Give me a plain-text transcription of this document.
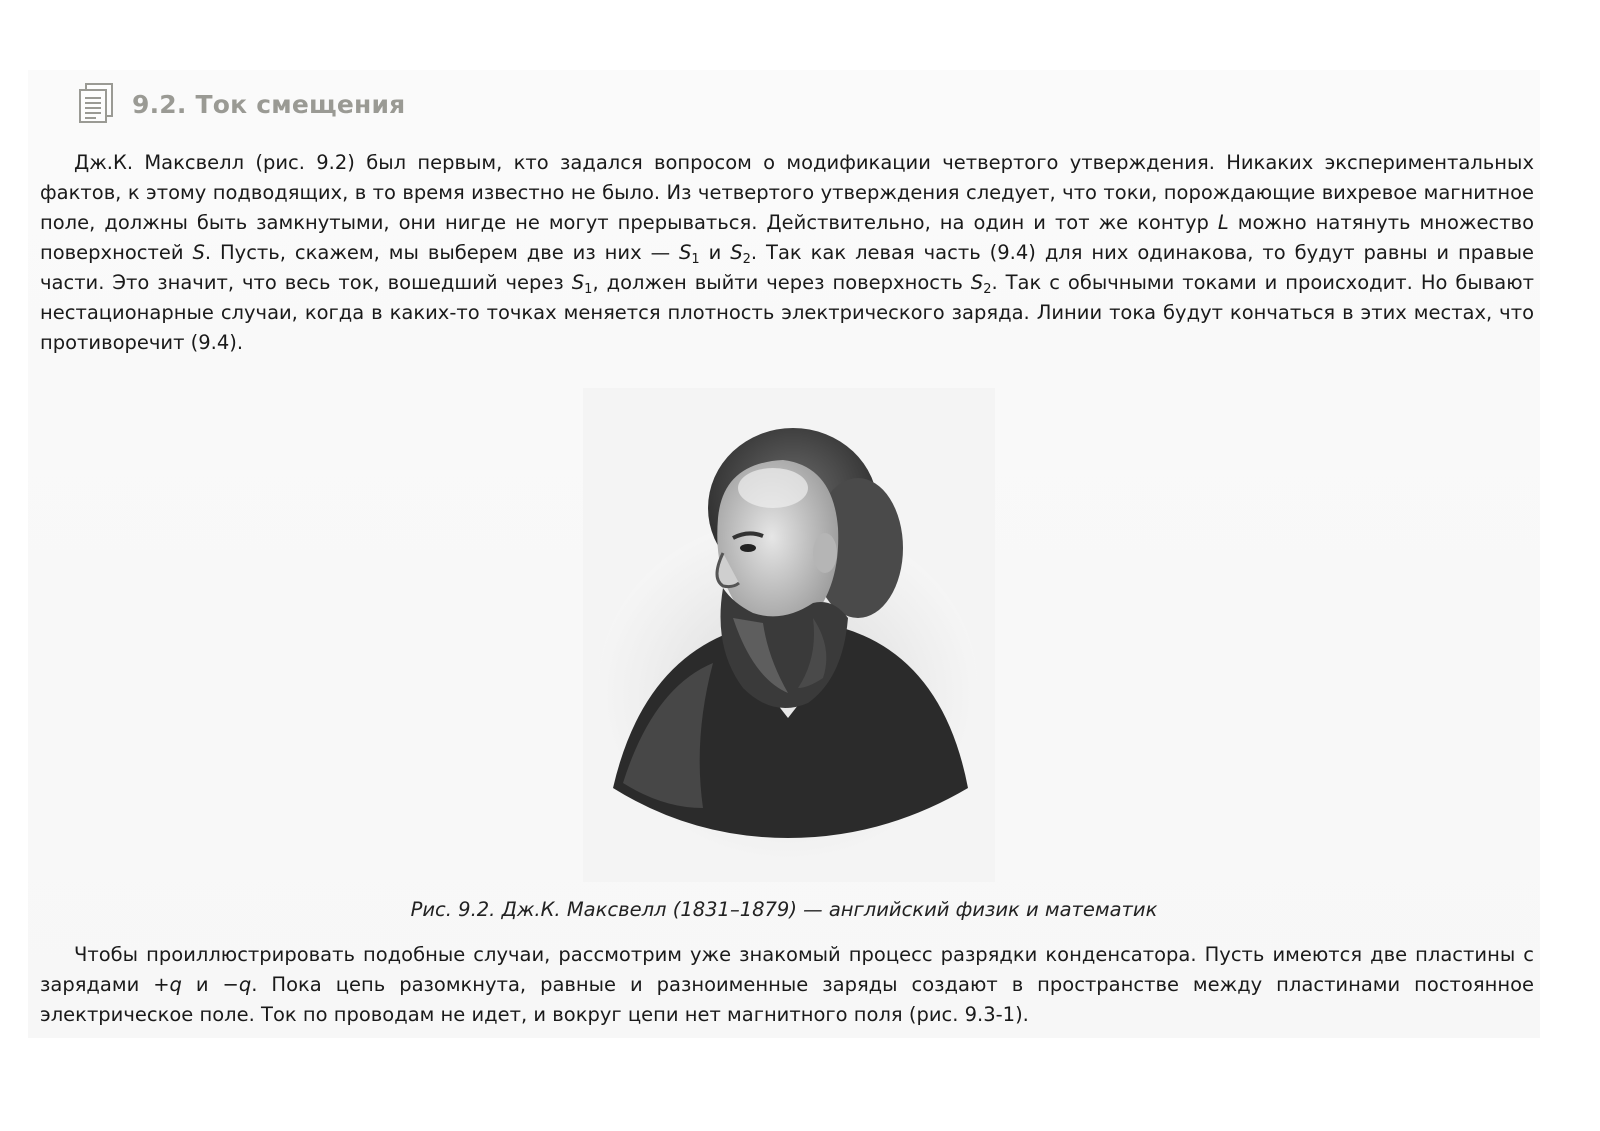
9.2. Ток смещения

Дж.К. Максвелл (рис. 9.2) был первым, кто задался вопросом о модификации четвертого утверждения. Никаких экспериментальных фактов, к этому подводящих, в то время известно не было. Из четвертого утверждения следует, что токи, порождающие вихревое магнитное поле, должны быть замкнутыми, они нигде не могут прерываться. Действительно, на один и тот же контур L можно натянуть множество поверхностей S. Пусть, скажем, мы выберем две из них — $S_1$ и $S_2$. Так как левая часть (9.4) для них одинакова, то будут равны и правые части. Это значит, что весь ток, вошедший через $S_1$, должен выйти через поверхность $S_2$. Так с обычными токами и происходит. Но бывают нестационарные случаи, когда в каких-то точках меняется плотность электрического заряда. Линии тока будут кончаться в этих местах, что противоречит (9.4).

Рис. 9.2. Дж.К. Максвелл (1831–1879) — английский физик и математик

Чтобы проиллюстрировать подобные случаи, рассмотрим уже знакомый процесс разрядки конденсатора. Пусть имеются две пластины с зарядами +q и −q. Пока цепь разомкнута, равные и разноименные заряды создают в пространстве между пластинами постоянное электрическое поле. Ток по проводам не идет, и вокруг цепи нет магнитного поля (рис. 9.3-1).
